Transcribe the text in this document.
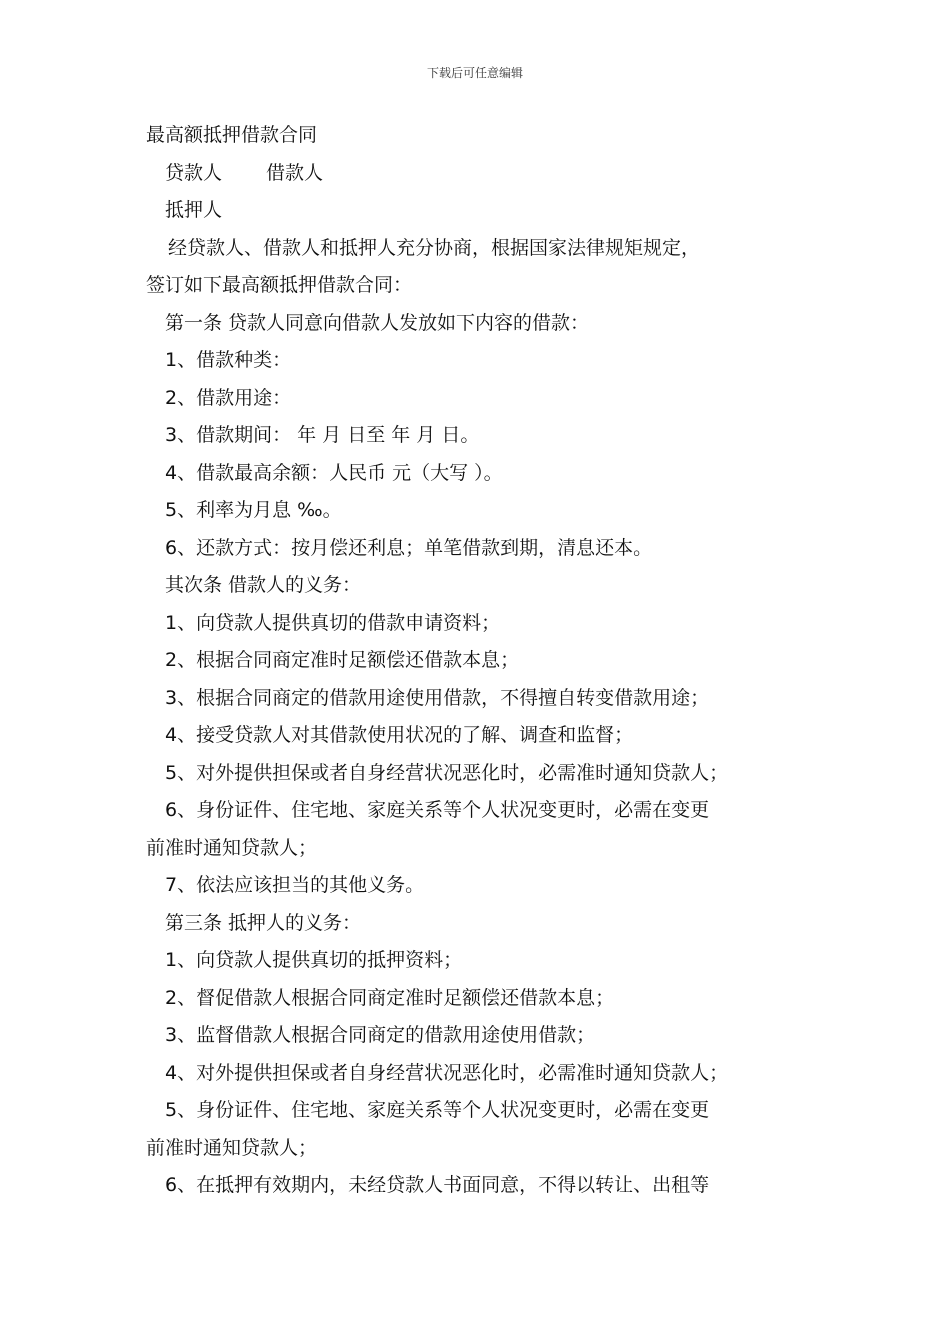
下载后可任意编辑
最高额抵押借款合同
贷款人　　 借款人
抵押人
经贷款人、借款人和抵押人充分协商，根据国家法律规矩规定，
签订如下最高额抵押借款合同：
第一条 贷款人同意向借款人发放如下内容的借款：
1、借款种类：
2、借款用途：
3、借款期间： 年 月 日至 年 月 日。
4、借款最高余额：人民币 元（大写 ）。
5、利率为月息 ‰。
6、还款方式：按月偿还利息；单笔借款到期，清息还本。
其次条 借款人的义务：
1、向贷款人提供真切的借款申请资料；
2、根据合同商定准时足额偿还借款本息；
3、根据合同商定的借款用途使用借款，不得擅自转变借款用途；
4、接受贷款人对其借款使用状况的了解、调查和监督；
5、对外提供担保或者自身经营状况恶化时，必需准时通知贷款人；
6、身份证件、住宅地、家庭关系等个人状况变更时，必需在变更
前准时通知贷款人；
7、依法应该担当的其他义务。
第三条 抵押人的义务：
1、向贷款人提供真切的抵押资料；
2、督促借款人根据合同商定准时足额偿还借款本息；
3、监督借款人根据合同商定的借款用途使用借款；
4、对外提供担保或者自身经营状况恶化时，必需准时通知贷款人；
5、身份证件、住宅地、家庭关系等个人状况变更时，必需在变更
前准时通知贷款人；
6、在抵押有效期内，未经贷款人书面同意，不得以转让、出租等
